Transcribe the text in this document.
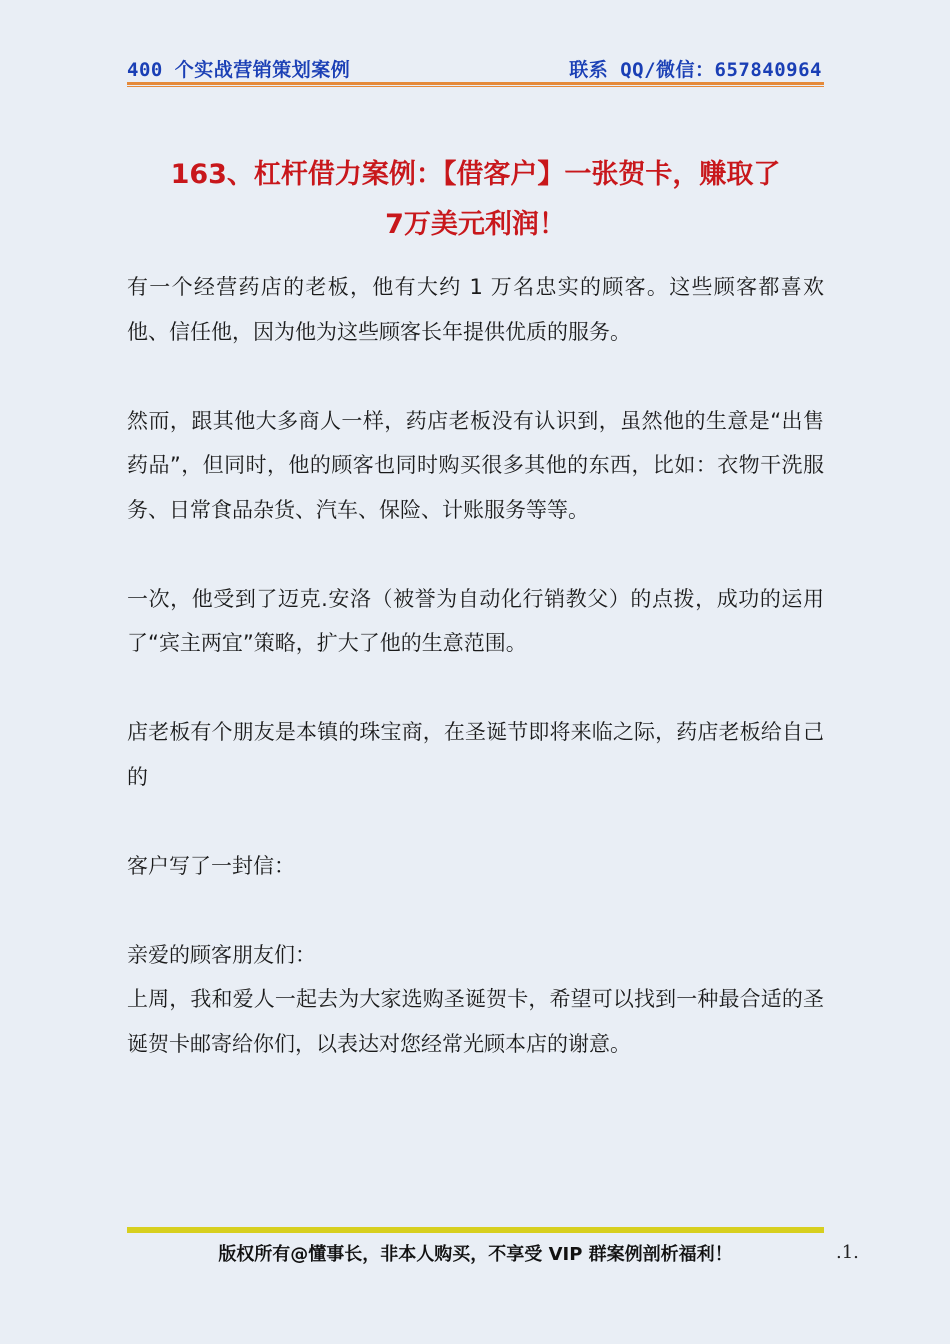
400 个实战营销策划案例	联系 QQ/微信：657840964
163、杠杆借力案例：【借客户】一张贺卡，赚取了
7万美元利润！

有一个经营药店的老板，他有大约 1 万名忠实的顾客。这些顾客都喜欢他、信任他，因为他为这些顾客长年提供优质的服务。

然而，跟其他大多商人一样，药店老板没有认识到，虽然他的生意是“出售药品”，但同时，他的顾客也同时购买很多其他的东西，比如：衣物干洗服务、日常食品杂货、汽车、保险、计账服务等等。

一次，他受到了迈克.安洛（被誉为自动化行销教父）的点拨，成功的运用了“宾主两宜”策略，扩大了他的生意范围。

店老板有个朋友是本镇的珠宝商，在圣诞节即将来临之际，药店老板给自己的

客户写了一封信：

亲爱的顾客朋友们：

上周，我和爱人一起去为大家选购圣诞贺卡，希望可以找到一种最合适的圣诞贺卡邮寄给你们，以表达对您经常光顾本店的谢意。

版权所有@懂事长，非本人购买，不享受 VIP 群案例剖析福利！	.1.
